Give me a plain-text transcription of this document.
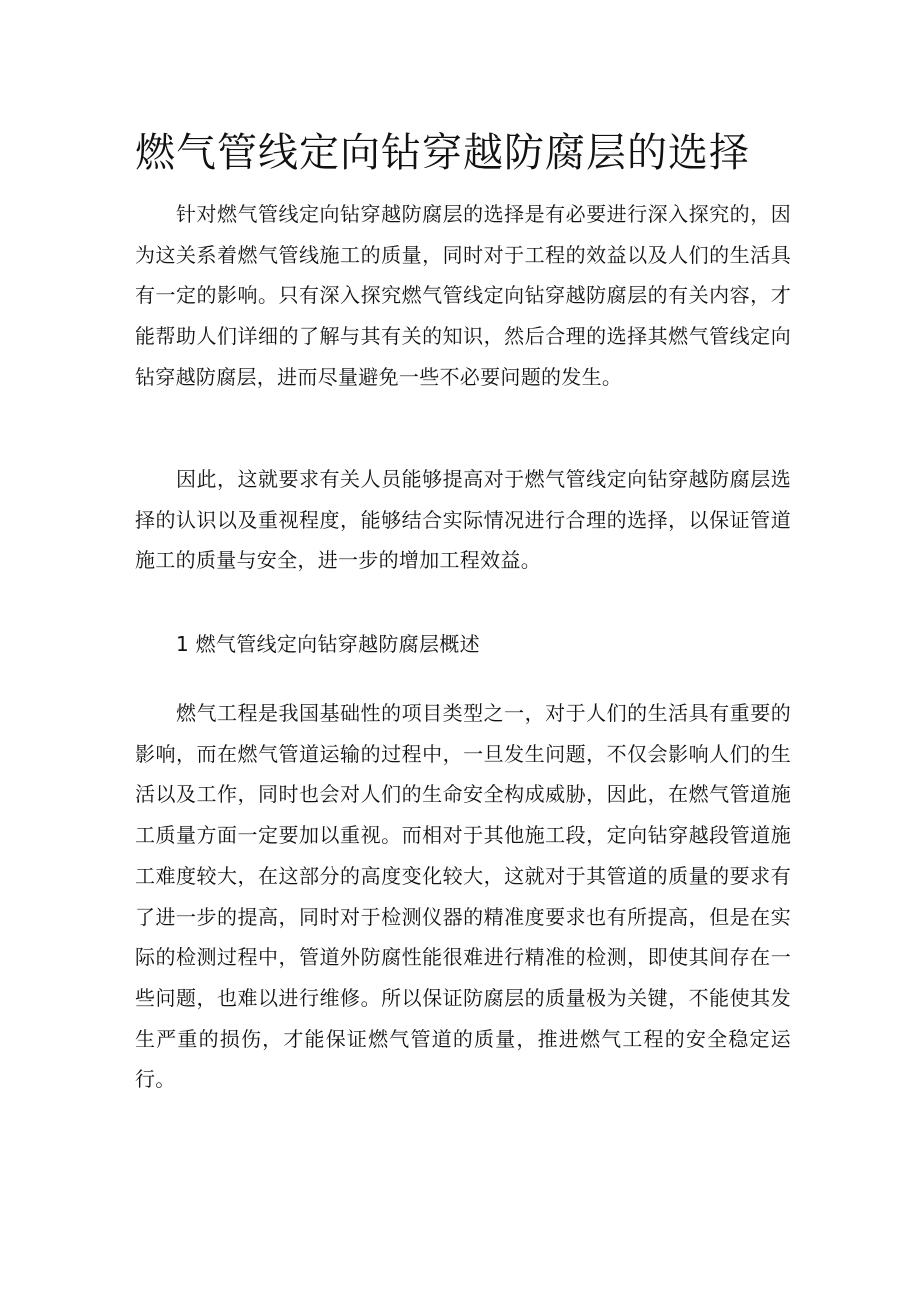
燃气管线定向钻穿越防腐层的选择

针对燃气管线定向钻穿越防腐层的选择是有必要进行深入探究的，因为这关系着燃气管线施工的质量，同时对于工程的效益以及人们的生活具有一定的影响。只有深入探究燃气管线定向钻穿越防腐层的有关内容，才能帮助人们详细的了解与其有关的知识，然后合理的选择其燃气管线定向钻穿越防腐层，进而尽量避免一些不必要问题的发生。

因此，这就要求有关人员能够提高对于燃气管线定向钻穿越防腐层选择的认识以及重视程度，能够结合实际情况进行合理的选择，以保证管道施工的质量与安全，进一步的增加工程效益。

1 燃气管线定向钻穿越防腐层概述

燃气工程是我国基础性的项目类型之一，对于人们的生活具有重要的影响，而在燃气管道运输的过程中，一旦发生问题，不仅会影响人们的生活以及工作，同时也会对人们的生命安全构成威胁，因此，在燃气管道施工质量方面一定要加以重视。而相对于其他施工段，定向钻穿越段管道施工难度较大，在这部分的高度变化较大，这就对于其管道的质量的要求有了进一步的提高，同时对于检测仪器的精准度要求也有所提高，但是在实际的检测过程中，管道外防腐性能很难进行精准的检测，即使其间存在一些问题，也难以进行维修。所以保证防腐层的质量极为关键，不能使其发生严重的损伤，才能保证燃气管道的质量，推进燃气工程的安全稳定运行。
